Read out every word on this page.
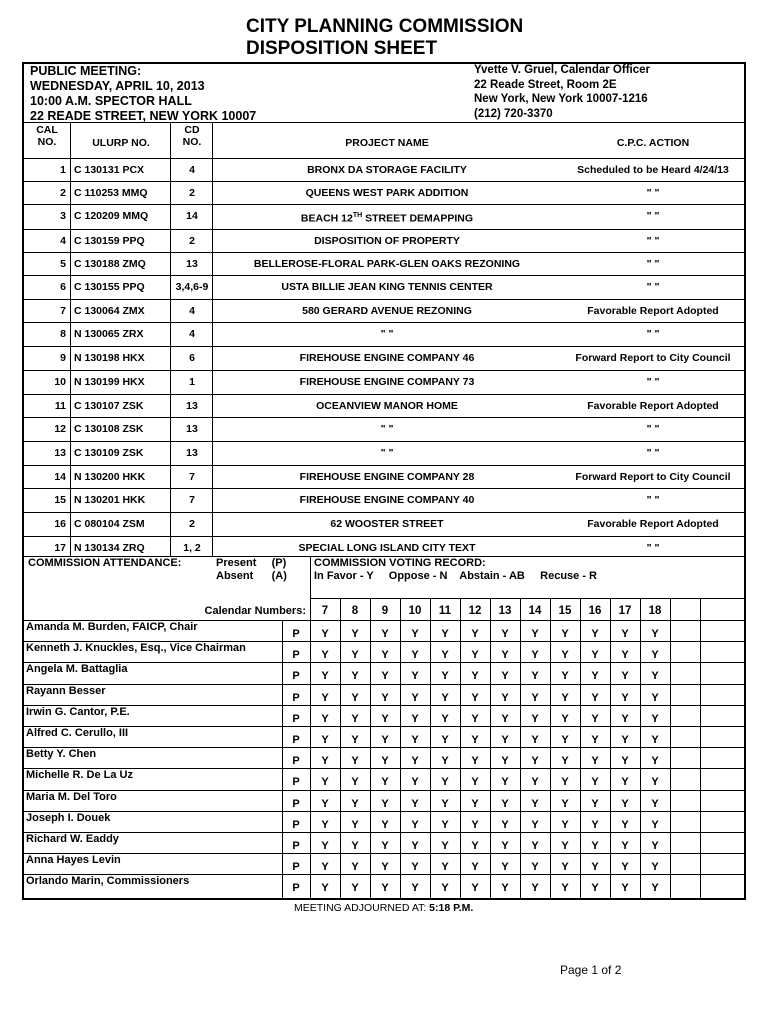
CITY PLANNING COMMISSION
DISPOSITION SHEET
PUBLIC MEETING:
WEDNESDAY, APRIL 10, 2013
10:00 A.M. SPECTOR HALL
22 READE STREET, NEW YORK 10007
Yvette V. Gruel, Calendar Officer
22 Reade Street, Room 2E
New York, New York 10007-1216
(212) 720-3370
CAL
NO.	ULURP NO.
CD
NO.	PROJECT NAME	C.P.C. ACTION
1 C 130131 PCX	4	BRONX DA STORAGE FACILITY	Scheduled to be Heard 4/24/13
2 C 110253 MMQ	2	QUEENS WEST PARK ADDITION	" "
3 C 120209 MMQ	14	BEACH 12TH STREET DEMAPPING	" "
4 C 130159 PPQ	2	DISPOSITION OF PROPERTY	" "
5 C 130188 ZMQ	13	BELLEROSE-FLORAL PARK-GLEN OAKS REZONING	" "
6 C 130155 PPQ	3,4,6-9	USTA BILLIE JEAN KING TENNIS CENTER	" "
7 C 130064 ZMX	4	580 GERARD AVENUE REZONING	Favorable Report Adopted
8 N 130065 ZRX	4	" "	" "
9 N 130198 HKX	6	FIREHOUSE ENGINE COMPANY 46	Forward Report to City Council
10 N 130199 HKX	1	FIREHOUSE ENGINE COMPANY 73	" "
11 C 130107 ZSK	13	OCEANVIEW MANOR HOME	Favorable Report Adopted
12 C 130108 ZSK	13	" "	" "
13 C 130109 ZSK	13	" "	" "
14 N 130200 HKK	7	FIREHOUSE ENGINE COMPANY 28	Forward Report to City Council
15 N 130201 HKK	7	FIREHOUSE ENGINE COMPANY 40	" "
16 C 080104 ZSM	2	62 WOOSTER STREET	Favorable Report Adopted
17 N 130134 ZRQ	1, 2	SPECIAL LONG ISLAND CITY TEXT	" "
COMMISSION ATTENDANCE:	Present     (P)
Absent      (A)
COMMISSION VOTING RECORD:
In Favor - Y     Oppose - N    Abstain - AB     Recuse - R
Calendar Numbers:	7	8	9	10	11	12	13	14	15	16	17	18
Amanda M. Burden, FAICP, Chair
P	Y	Y	Y	Y	Y	Y	Y	Y	Y	Y	Y	Y
Kenneth J. Knuckles, Esq., Vice Chairman
P	Y	Y	Y	Y	Y	Y	Y	Y	Y	Y	Y	Y
Angela M. Battaglia
P	Y	Y	Y	Y	Y	Y	Y	Y	Y	Y	Y	Y
Rayann Besser
P	Y	Y	Y	Y	Y	Y	Y	Y	Y	Y	Y	Y
Irwin G. Cantor, P.E.
P	Y	Y	Y	Y	Y	Y	Y	Y	Y	Y	Y	Y
Alfred C. Cerullo, III
P	Y	Y	Y	Y	Y	Y	Y	Y	Y	Y	Y	Y
Betty Y. Chen
P	Y	Y	Y	Y	Y	Y	Y	Y	Y	Y	Y	Y
Michelle R. De La Uz
P	Y	Y	Y	Y	Y	Y	Y	Y	Y	Y	Y	Y
Maria M. Del Toro
P	Y	Y	Y	Y	Y	Y	Y	Y	Y	Y	Y	Y
Joseph I. Douek
P	Y	Y	Y	Y	Y	Y	Y	Y	Y	Y	Y	Y
Richard W. Eaddy
P	Y	Y	Y	Y	Y	Y	Y	Y	Y	Y	Y	Y
Anna Hayes Levin
P	Y	Y	Y	Y	Y	Y	Y	Y	Y	Y	Y	Y
Orlando Marin, Commissioners
P	Y	Y	Y	Y	Y	Y	Y	Y	Y	Y	Y	Y
MEETING ADJOURNED AT: 5:18 P.M.
Page 1 of 2
